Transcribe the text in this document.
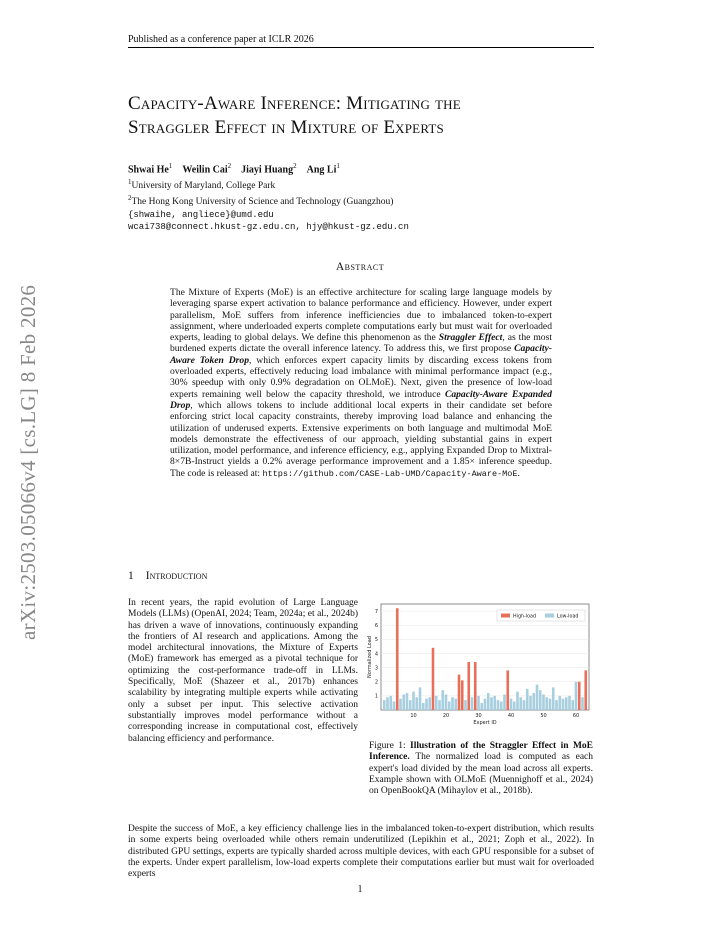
Published as a conference paper at ICLR 2026
arXiv:2503.05066v4 [cs.LG] 8 Feb 2026
Capacity-Aware Inference: Mitigating the
Straggler Effect in Mixture of Experts
Shwai He$^1$ Weilin Cai$^2$ Jiayi Huang$^2$ Ang Li$^1$
$^1$University of Maryland, College Park
$^2$The Hong Kong University of Science and Technology (Guangzhou)
{shwaihe, angliece}@umd.edu
wcai738@connect.hkust-gz.edu.cn, hjy@hkust-gz.edu.cn
Abstract
The Mixture of Experts (MoE) is an effective architecture for scaling large language models by leveraging sparse expert activation to balance performance and efficiency. However, under expert parallelism, MoE suffers from inference inefficiencies due to imbalanced token-to-expert assignment, where underloaded experts complete computations early but must wait for overloaded experts, leading to global delays. We define this phenomenon as the Straggler Effect, as the most burdened experts dictate the overall inference latency. To address this, we first propose Capacity-Aware Token Drop, which enforces expert capacity limits by discarding excess tokens from overloaded experts, effectively reducing load imbalance with minimal performance impact (e.g., 30% speedup with only 0.9% degradation on OLMoE). Next, given the presence of low-load experts remaining well below the capacity threshold, we introduce Capacity-Aware Expanded Drop, which allows tokens to include additional local experts in their candidate set before enforcing strict local capacity constraints, thereby improving load balance and enhancing the utilization of underused experts. Extensive experiments on both language and multimodal MoE models demonstrate the effectiveness of our approach, yielding substantial gains in expert utilization, model performance, and inference efficiency, e.g., applying Expanded Drop to Mixtral-8×7B-Instruct yields a 0.2% average performance improvement and a 1.85× inference speedup. The code is released at: https://github.com/CASE-Lab-UMD/Capacity-Aware-MoE.
1 Introduction
In recent years, the rapid evolution of Large Language Models (LLMs) (OpenAI, 2024; Team, 2024a; et al., 2024b) has driven a wave of innovations, continuously expanding the frontiers of AI research and applications. Among the model architectural innovations, the Mixture of Experts (MoE) framework has emerged as a pivotal technique for optimizing the cost-performance trade-off in LLMs. Specifically, MoE (Shazeer et al., 2017b) enhances scalability by integrating multiple experts while activating only a subset per input. This selective activation substantially improves model performance without a corresponding increase in computational cost, effectively balancing efficiency and performance.
1
2
3
4
5
6
7
10	20	30	40	50	60
Expert ID
Normalized Load
High-load	Low-load
Figure 1: Illustration of the Straggler Effect in MoE Inference. The normalized load is computed as each expert's load divided by the mean load across all experts. Example shown with OLMoE (Muennighoff et al., 2024) on OpenBookQA (Mihaylov et al., 2018b).
Despite the success of MoE, a key efficiency challenge lies in the imbalanced token-to-expert distribution, which results in some experts being overloaded while others remain underutilized (Lepikhin et al., 2021; Zoph et al., 2022). In distributed GPU settings, experts are typically sharded across multiple devices, with each GPU responsible for a subset of the experts. Under expert parallelism, low-load experts complete their computations earlier but must wait for overloaded experts
1
